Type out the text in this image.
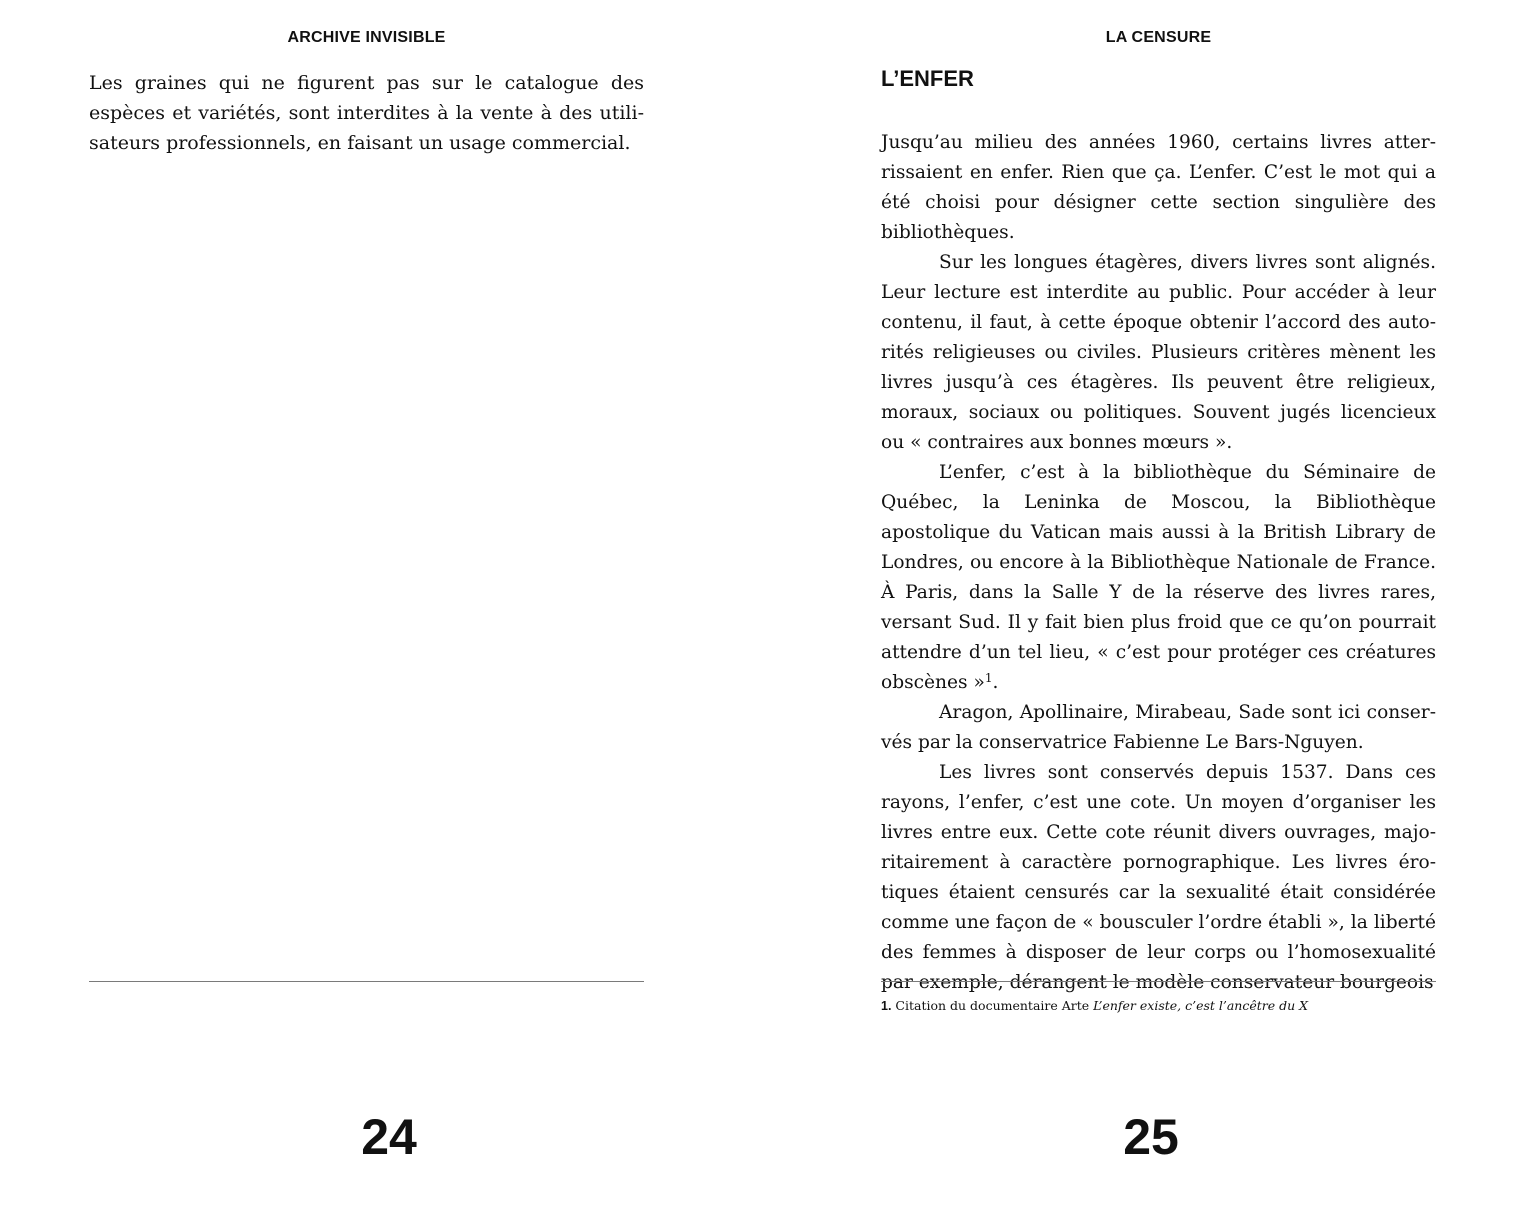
ARCHIVE INVISIBLE

Les graines qui ne figurent pas sur le catalogue des espèces et variétés, sont interdites à la vente à des utilisateurs professionnels, en faisant un usage commercial.

24
LA CENSURE
L’ENFER

Jusqu’au milieu des années 1960, certains livres atterrissaient en enfer. Rien que ça. L’enfer. C’est le mot qui a été choisi pour désigner cette section singulière des bibliothèques.

Sur les longues étagères, divers livres sont alignés. Leur lecture est interdite au public. Pour accéder à leur contenu, il faut, à cette époque obtenir l’accord des autorités religieuses ou civiles. Plusieurs critères mènent les livres jusqu’à ces étagères. Ils peuvent être religieux, moraux, sociaux ou politiques. Souvent jugés licencieux ou « contraires aux bonnes mœurs ».

L’enfer, c’est à la bibliothèque du Séminaire de Québec, la Leninka de Moscou, la Bibliothèque apostolique du Vatican mais aussi à la British Library de Londres, ou encore à la Bibliothèque Nationale de France. À Paris, dans la Salle Y de la réserve des livres rares, versant Sud. Il y fait bien plus froid que ce qu’on pourrait attendre d’un tel lieu, « c’est pour protéger ces créatures obscènes »$^1$.

Aragon, Apollinaire, Mirabeau, Sade sont ici conservés par la conservatrice Fabienne Le Bars-Nguyen.

Les livres sont conservés depuis 1537. Dans ces rayons, l’enfer, c’est une cote. Un moyen d’organiser les livres entre eux. Cette cote réunit divers ouvrages, majoritairement à caractère pornographique. Les livres érotiques étaient censurés car la sexualité était considérée comme une façon de « bousculer l’ordre établi », la liberté des femmes à disposer de leur corps ou l’homosexualité par exemple, dérangent le modèle conservateur bourgeois

1. Citation du documentaire Arte L’enfer existe, c’est l’ancêtre du X

25
